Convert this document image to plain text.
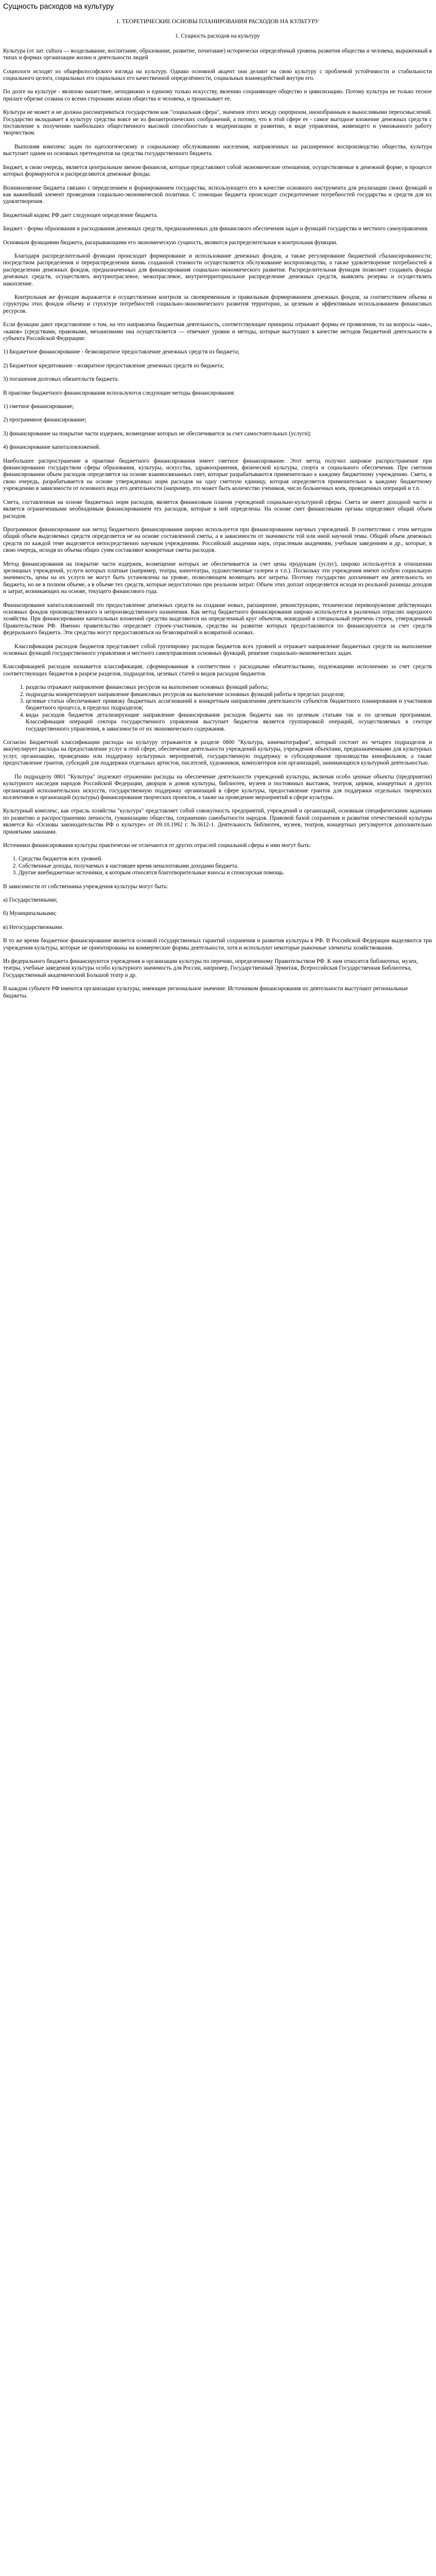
Сущность расходов на культуру
1. ТЕОРЕТИЧЕСКИЕ ОСНОВЫ ПЛАНИРОВАНИЯ РАСХОДОВ НА КУЛЬТУРУ
1. Сущность расходов на культуру

Культура (от лат. cultura — возделывание, воспитание, образование, развитие, почитание) исторически определённый уровень развития общества и человека, выраженный в типах и формах организации жизни и деятельности людей

Социологи исходят из общефилософского взгляда на культуру. Однако основной акцент они делают на свою культуру с проблемой устойчивости и стабильности социального целого, социальных его социальных его качественной определённости, социальных взаимодействий внутри его.

По долге на культуре - являлою нашествие, неподвижно и единому только искусству, явлению сохраняющее общество и цивилизацию. Потому культура не только тесное прилаге обрезке созвана со всеми сторонами жизни общества и человека, и пронизывает ее.

Культура не может и не должна рассматриваться государством как "социальная сфера", значения этого между сюрпризом, иноизбранным и выносливыми переосмыслений. Государство вкладывает в культуру средства вовсе не из филантропических соображений, а потому, что в этой сфере ее - самое выгодное вложение денежных средств с поставление к получению наибольших общественного высокой способностью к модернизации и развитию, в виде управления, живенщего и умножанного работу творчеством.

Выполняя комплекс задач по идеологическому и социальному обслуживанию населения, направленных на расширенное воспроизводство общества, культура выступает одним из основных претендентов на средства государственного бюджета.

Бюджет, в свою очередь, является центральным звеном финансов, которые представляют собой экономические отношения, осуществляемые в денежной форме, в процессе которых формируются и распределяются денежные фонды.

Возникновение бюджета связано с переделением и формированием государства, использующего его в качестве основного инструмента для реализации своих функций и как важнейший элемент проведения социально-экономической политики. С помощью бюджета происходит сосредоточение потребностей государства и средств для их удовлетворения.

Бюджетный кодекс РФ дает следующее определение бюджета.

Бюджет - форма образования и расходования денежных средств, предназначенных для финансового обеспечения задач и функций государства и местного самоуправления.

Основным функциями бюджета, раскрывающими его экономическую сущность, являются распределительная и контрольная функции.

Благодаря распределительной функции происходит формирование и использование денежных фондов, а также регулирование бюджетной сбалансированности; посредством распределения и перераспределения вновь созданной стоимости осуществляется обслуживание воспроизводства, а также удовлетворение потребностей в распределении денежных фондов, предназначенных для финансирования социально-экономического развития. Распределительная функция позволяет создавать фонды денежных средств, осуществлять внутриотраслевое, межотраслевое, внутритерриториальное распределение денежных средств, выявлять резервы и осуществлять накопление.

Контрольная же функция выражается в осуществлении контроля за своевременным и правильным формированием денежных фондов, за соответствием объема и структуры этих фондов объему и структуре потребностей социально-экономического развития территории, за целевым и эффективным использованием финансовых ресурсов.

Если функции дают представление о том, на что направлена бюджетная деятельность, соответствующие принципы отражают формы ее проявления, то на вопросы «как», «каков» (средствами, правовыми, механизмами она осуществляется — отвечают уровни и методы, которые выступают в качестве методов бюджетной деятельности в субъекта Российской Федерации:

1) Бюджетное финансирование - безвозвратное предоставление денежных средств из бюджета;
2) Бюджетное кредитование - возвратное предоставление денежных средств из бюджета;
3) погашения долговых обязательств бюджета.

В практике бюджетного финансирования используются следующие методы финансирования:

1) сметное финансирование;
2) программное финансирование;
3) финансирование на покрытие части издержек, возмещение которых не обеспечивается за счет самостоятельных (услуги);
4) финансирование капиталовложений.

Наибольшее распространение в практике бюджетного финансирования имеет сметное финансирование. Этот метод получил широкое распространение при финансировании государством сферы образования, культуры, искусства, здравоохранения, физической культуры, спорта и социального обеспечения. При сметном финансировании объем расходов определяется на основе взаимосвязанных смет, которые разрабатываются применительно к каждому бюджетному учреждению. Смета, в свою очередь, разрабатывается на основе утвержденных норм расходов на одну сметную единицу, которая определяется применительно к каждому бюджетному учреждению в зависимости от основного вида его деятельности (например, это может быть количество учеников, число больничных коек, проведенных операций и т.п.

Смета, составленная на основе бюджетных норм расходов, является финансовым планом учреждений социально-культурной сферы. Смета не имеет доходной части и является ограниченными необходимым финансированием тех расходов, которые в ней определены. На основе смет финансовыми органы определяют общий объем расходов.

Программное финансирование как метод бюджетного финансирования широко используется при финансировании научных учреждений. В соответствии с этим методом общий объем выделяемых средств определяется не на основе составленной сметы, а в зависимости от значимости той или иной научной темы. Общий объем денежных средств по каждой теме выделяется непосредственно научным учреждениям. Российской академии наук, отраслевым академиям, учебным заведениям и др., которые, в свою очередь, исходя из объема общих сумм составляют конкретные сметы расходов.

Метод финансирования на покрытие части издержек, возмещение которых не обеспечивается за счет цены продукции (услуг), широко используется в отношении зрелищных учреждений, услуги которых платные (например, театры, кинотеатры, художественные галереи и т.п.). Поскольку эти учреждения имеют особую социальную значимость, цены на их услуги не могут быть установлены на уровне, позволяющем возмещать все затраты. Поэтому государство доплачивает им деятельность из бюджета, но не в полном объеме, а в объеме тех средств, которые недостаточно при реальном затрат. Объем этих доплат определяется исходя из реальной разницы доходов и затрат, возникающих на основе, текущего финансового года.

Финансирование капиталовложений это предоставление денежных средств на создание новых, расширение, реконструкцию, техническое перевооружение действующих основных фондов производственного и непроизводственного назначения. Как метод бюджетного финансирования широко используется в различных отраслях народного хозяйства. При финансировании капитальных вложений средства выделяются на определенный круг объектов, вошедший в специальный перечень строек, утвержденный Правительством РФ. Именно правительство определяет строек-участников, средства на развитие которых предоставляются по финансируются за счет средств федерального бюджета. Эти средства могут предоставляться на безвозвратной и возвратной основах.

Классификация расходов бюджетов представляет собой группировку расходов бюджетов всех уровней и отражает направление бюджетных средств на выполнение основных функций государственного управления и местного самоуправления основных функций, решение социально-экономических задач.

Классификацией расходов называется классификация, сформированная в соответствии с расходными обязательствами, подлежащими исполнению за счет средств соответствующих бюджетов в разрезе разделов, подразделов, целевых статей и видов расходов бюджетов.

1. разделы отражают направление финансовых ресурсов на выполнение основных функций работы;
2. подразделы конкретизируют направление финансовых ресурсов на выполнение основных функций работы в пределах разделов;
3. целевые статьи обеспечивают привязку бюджетных ассигнований к конкретным направлениям деятельности субъектов бюджетного планирования и участников бюджетного процесса, в пределах подразделов;
4. виды расходов бюджетов детализирующие направление финансирования расходов бюджета как по целевым статьям так и по целевым программам. Классификация операций сектора государственного управления выступает бюджетов является группировкой операций, осуществляемых в секторе государственного управления, в зависимости от их экономического содержания.

Согласно Бюджетной классификации расходы на культуру отражаются в разделе 0800 "Культура, кинематография", который состоит из четырех подразделов и аккумулирует расходы на предоставление услуг в этой сфере, обеспечение деятельности учреждений культуры, учреждения объектами, предназначенными для культурных услуг, организацию, проведению или поддержку культурных мероприятий, государственную поддержку и субсидирование производства кинофильмов, а также предоставление грантов, субсидий для поддержки отдельных артистов, писателей, художников, композиторов или организаций, занимающихся культурной деятельностью.

По подразделу 0801 "Культура" подлежит отражению расходы на обеспечение деятельности учреждений культуры, включая особо ценные объекты (предприятия) культурного наследия народов Российской Федерации, дворцов и домов культуры, библиотек, музеев и постоянных выставок, театров, цирков, концертных и других организаций исполнительских искусств, государственную поддержку организаций в сфере культуры, предоставление грантов для поддержки отдельных творческих коллективов и организаций (культуры) финансирования творческих проектов, а также на проведение мероприятий в сфере культуры.

Культурный комплекс, как отрасль хозяйства "культура" представляет собой совокупность предприятий, учреждений и организаций, основным специфическими задачами по развитию и распространению личности, гуманизацию общества, сохранению самобытности народов. Правовой базой сохранения и развития отечественной культуры является Ко «Основы законодательства РФ о культуре» от 09.10.1992 г. №3612-1. Деятельность библиотек, музеев, театров, концертных регулируется дополнительно принятыми законами.

Источники финансирования культуры практически не отличаются от других отраслей социальной сферы и ими могут быть:

1. Средства бюджетов всех уровней.
2. Собственные доходы, получаемых в настоящее время неналоговыми доходами бюджета.
3. Другие внебюджетные источники, к которым относятся благотворительные взносы и спонсорская помощь.

В зависимости от собственника учреждения культуры могут быть:

а) Государственными;
б) Муниципальными;
в) Негосударственными.

В то же время бюджетное финансирование является основой государственных гарантий сохранения и развития культуры в РФ. В Российской Федерации выделяются три учреждения культуры, которые не ориентированы на коммерческие формы деятельности, хотя и используют некоторые рыночные элементы хозяйствования.

Из федерального бюджета финансируются учреждения и организации культуры по перечню, определенному Правительством РФ. К ним относятся библиотеки, музеи, театры, учебные заведения культуры особо культурного значимость для России, например, Государственный Эрмитаж, Всероссийская Государственная Библиотека, Государственный академический Большой театр и др.

В каждом субъекте РФ имеются организации культуры, имеющие региональное значение. Источником финансирования их деятельности выступают региональные бюджеты.
